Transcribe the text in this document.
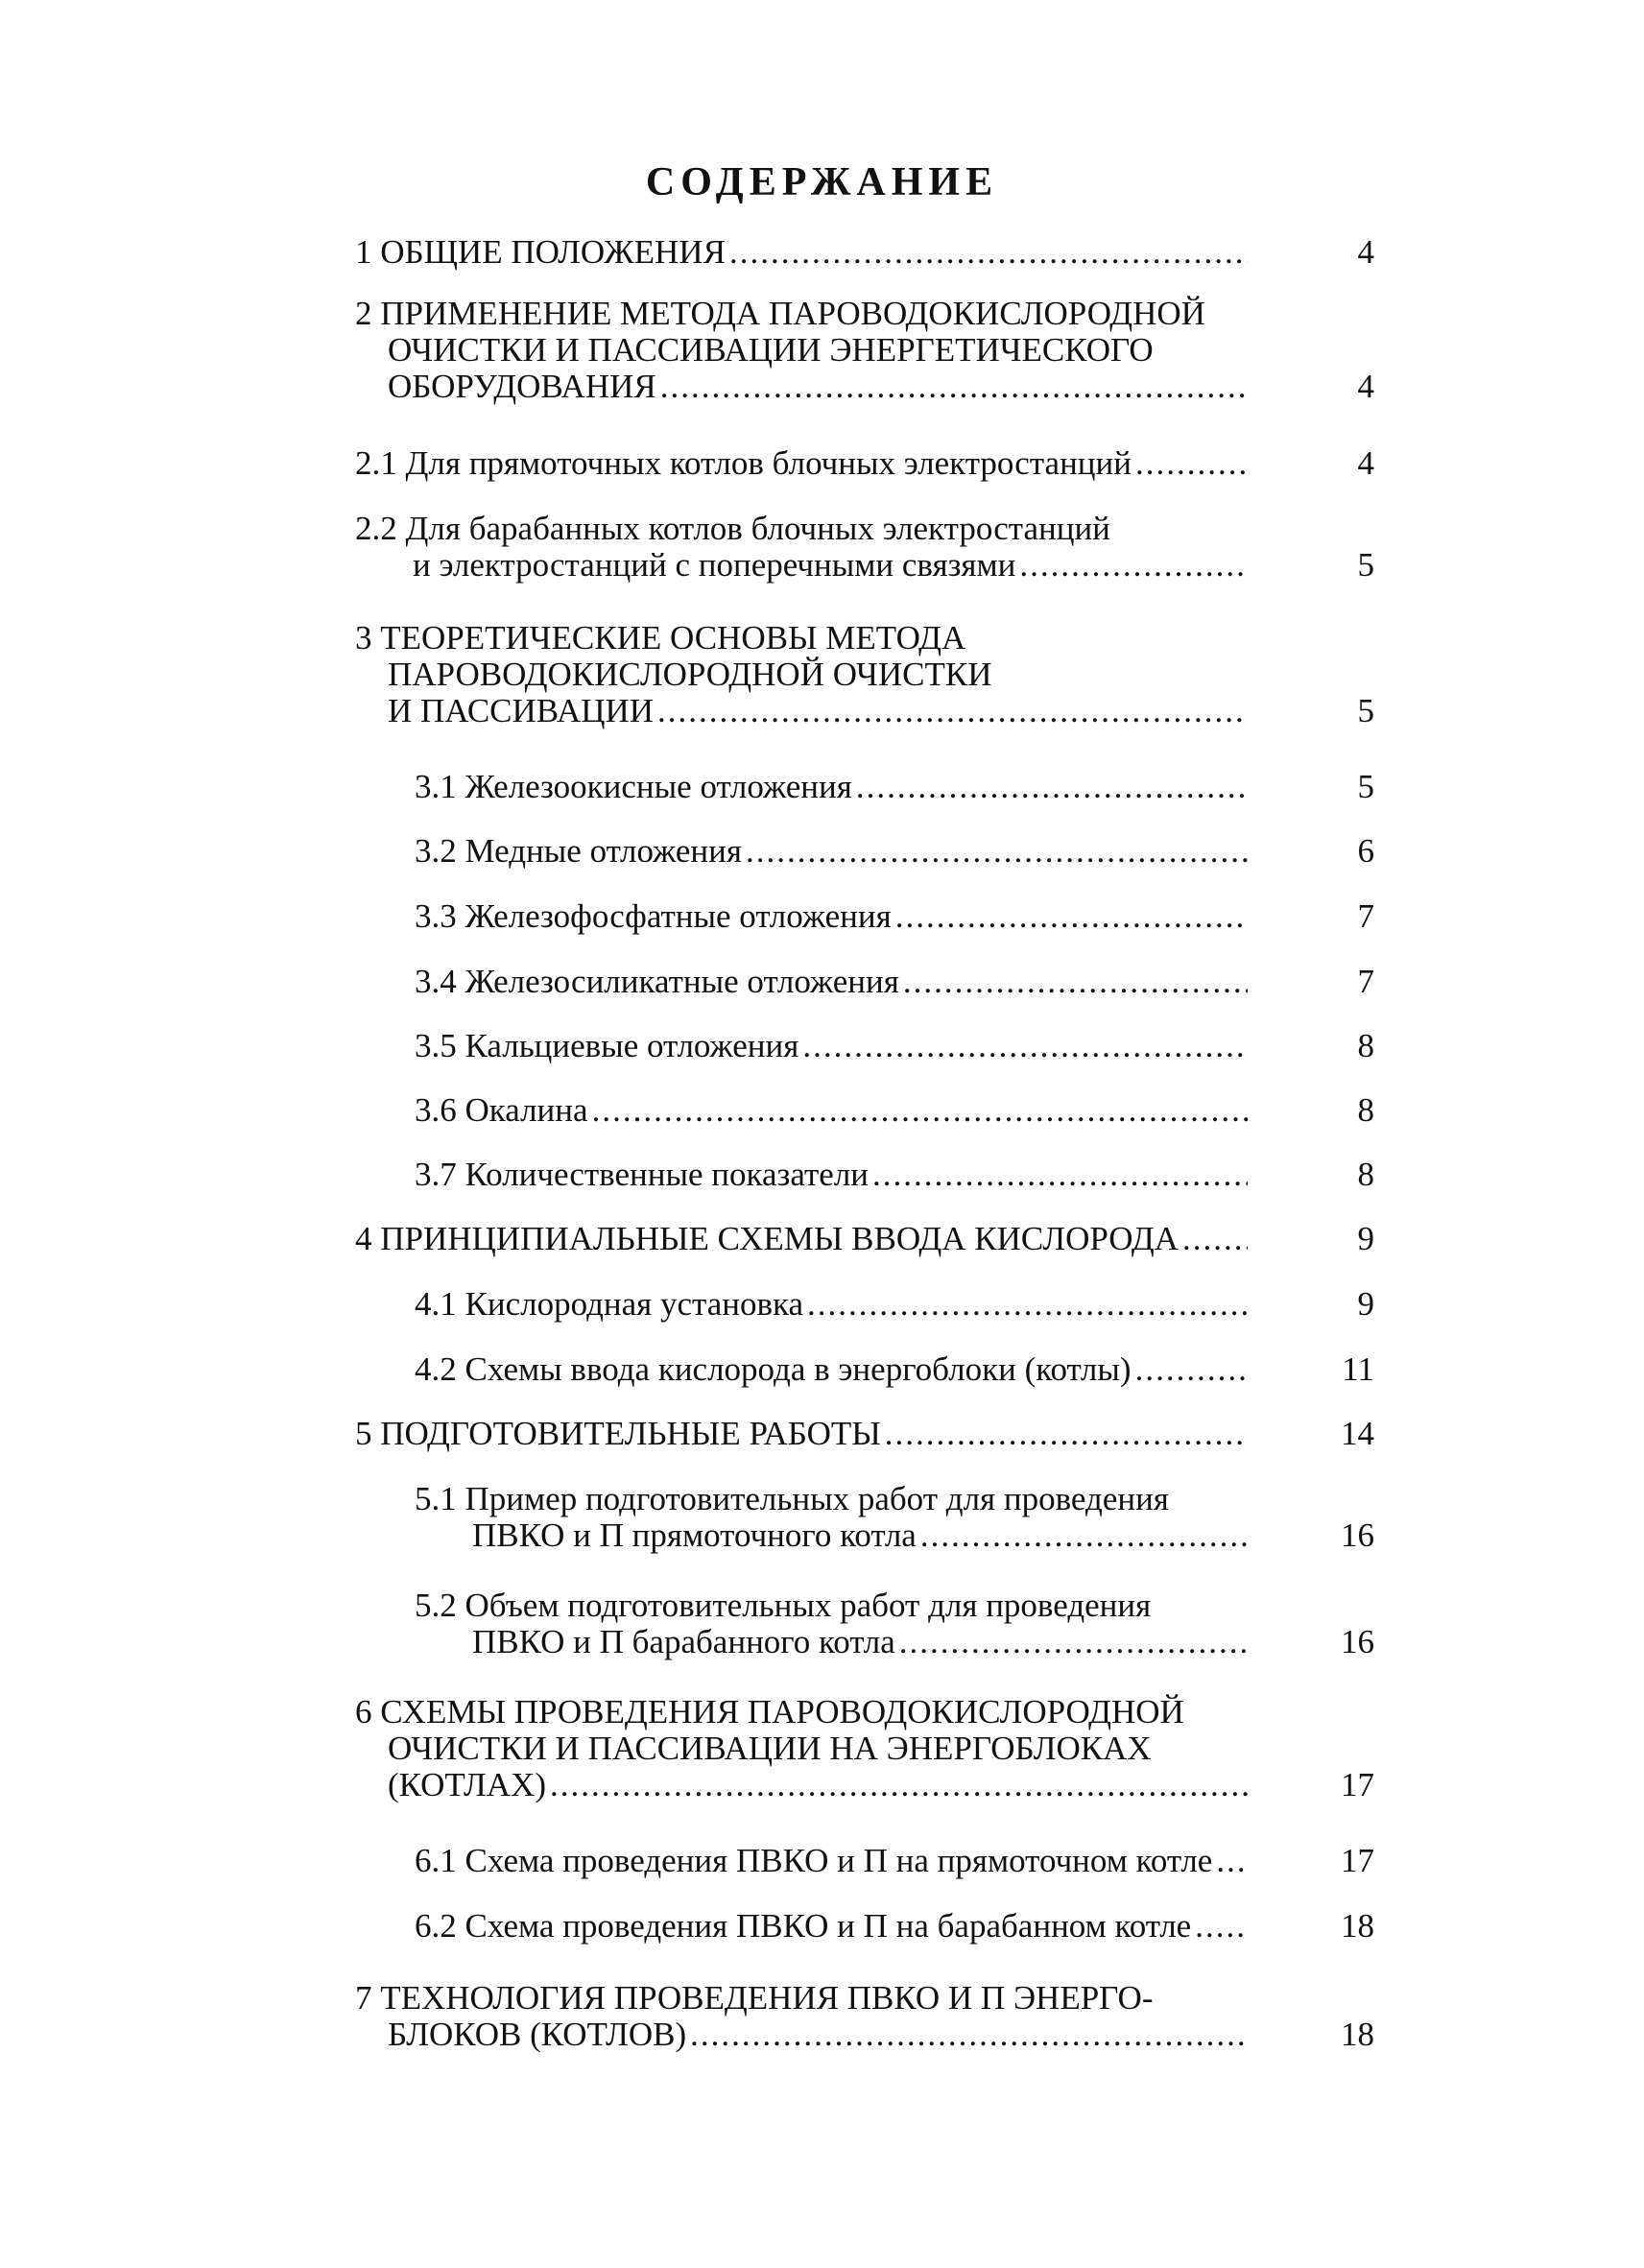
СОДЕРЖАНИЕ
1 ОБЩИЕ ПОЛОЖЕНИЯ .....	4
2 ПРИМЕНЕНИЕ МЕТОДА ПАРОВОДОКИСЛОРОДНОЙ
ОЧИСТКИ И ПАССИВАЦИИ ЭНЕРГЕТИЧЕСКОГО
ОБОРУДОВАНИЯ .....	4
2.1 Для прямоточных котлов блочных электростанций .....	4
2.2 Для барабанных котлов блочных электростанций
и электростанций с поперечными связями .....	5
3 ТЕОРЕТИЧЕСКИЕ ОСНОВЫ МЕТОДА
ПАРОВОДОКИСЛОРОДНОЙ ОЧИСТКИ
И ПАССИВАЦИИ .....	5
3.1 Железоокисные отложения .....	5
3.2 Медные отложения .....	6
3.3 Железофосфатные отложения .....	7
3.4 Железосиликатные отложения .....	7
3.5 Кальциевые отложения .....	8
3.6 Окалина .....	8
3.7 Количественные показатели .....	8
4 ПРИНЦИПИАЛЬНЫЕ СХЕМЫ ВВОДА КИСЛОРОДА .....	9
4.1 Кислородная установка .....	9
4.2 Схемы ввода кислорода в энергоблоки (котлы) .....	11
5 ПОДГОТОВИТЕЛЬНЫЕ РАБОТЫ .....	14
5.1 Пример подготовительных работ для проведения
ПВКО и П прямоточного котла .....	16
5.2 Объем подготовительных работ для проведения
ПВКО и П барабанного котла .....	16
6 СХЕМЫ ПРОВЕДЕНИЯ ПАРОВОДОКИСЛОРОДНОЙ
ОЧИСТКИ И ПАССИВАЦИИ НА ЭНЕРГОБЛОКАХ
(КОТЛАХ) .....	17
6.1 Схема проведения ПВКО и П на прямоточном котле .....	17
6.2 Схема проведения ПВКО и П на барабанном котле .....	18
7 ТЕХНОЛОГИЯ ПРОВЕДЕНИЯ ПВКО И П ЭНЕРГО-
БЛОКОВ (КОТЛОВ) .....	18
